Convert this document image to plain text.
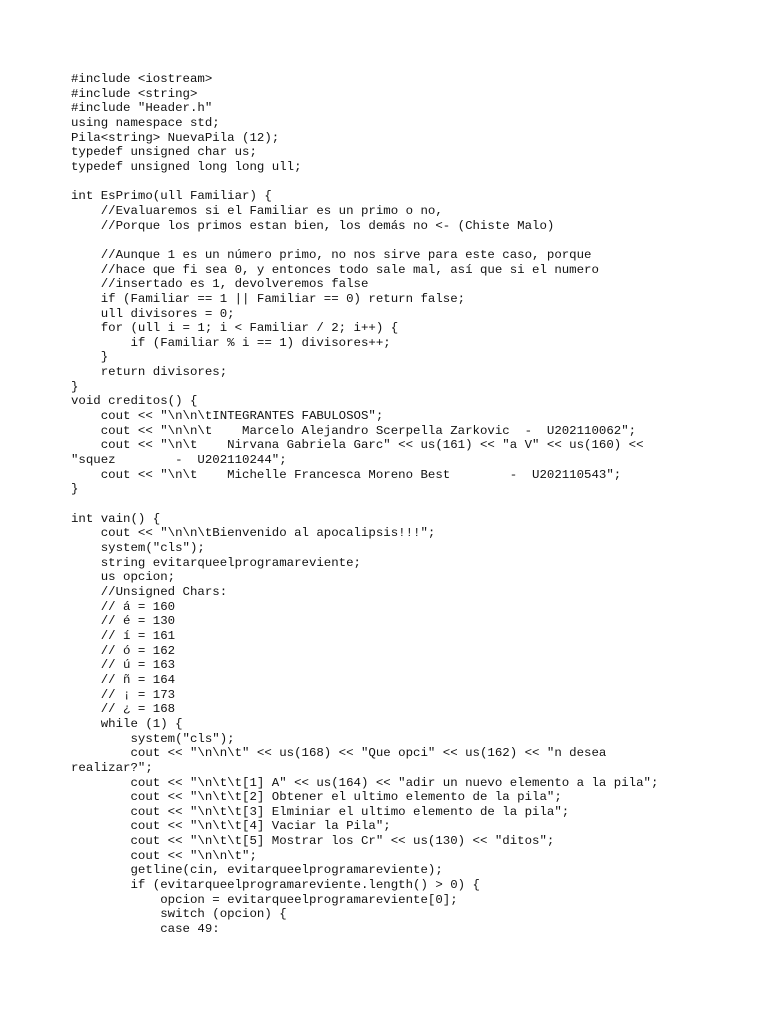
#include <iostream>
#include <string>
#include "Header.h"
using namespace std;
Pila<string> NuevaPila (12);
typedef unsigned char us;
typedef unsigned long long ull;
int EsPrimo(ull Familiar) {
//Evaluaremos si el Familiar es un primo o no,
//Porque los primos estan bien, los demás no <- (Chiste Malo)
//Aunque 1 es un número primo, no nos sirve para este caso, porque
//hace que fi sea 0, y entonces todo sale mal, así que si el numero
//insertado es 1, devolveremos false
if (Familiar == 1 || Familiar == 0) return false;
ull divisores = 0;
for (ull i = 1; i < Familiar / 2; i++) {
if (Familiar % i == 1) divisores++;
}
return divisores;
}
void creditos() {
cout << "\n\n\tINTEGRANTES FABULOSOS";
cout << "\n\n\t    Marcelo Alejandro Scerpella Zarkovic  -  U202110062";
cout << "\n\t    Nirvana Gabriela Garc" << us(161) << "a V" << us(160) <<
"squez        -  U202110244";
cout << "\n\t    Michelle Francesca Moreno Best        -  U202110543";
}
int vain() {
cout << "\n\n\tBienvenido al apocalipsis!!!";
system("cls");
string evitarqueelprogramareviente;
us opcion;
//Unsigned Chars:
// á = 160
// é = 130
// í = 161
// ó = 162
// ú = 163
// ñ = 164
// ¡ = 173
// ¿ = 168
while (1) {
system("cls");
cout << "\n\n\t" << us(168) << "Que opci" << us(162) << "n desea
realizar?";
cout << "\n\t\t[1] A" << us(164) << "adir un nuevo elemento a la pila";
cout << "\n\t\t[2] Obtener el ultimo elemento de la pila";
cout << "\n\t\t[3] Elminiar el ultimo elemento de la pila";
cout << "\n\t\t[4] Vaciar la Pila";
cout << "\n\t\t[5] Mostrar los Cr" << us(130) << "ditos";
cout << "\n\n\t";
getline(cin, evitarqueelprogramareviente);
if (evitarqueelprogramareviente.length() > 0) {
opcion = evitarqueelprogramareviente[0];
switch (opcion) {
case 49:
